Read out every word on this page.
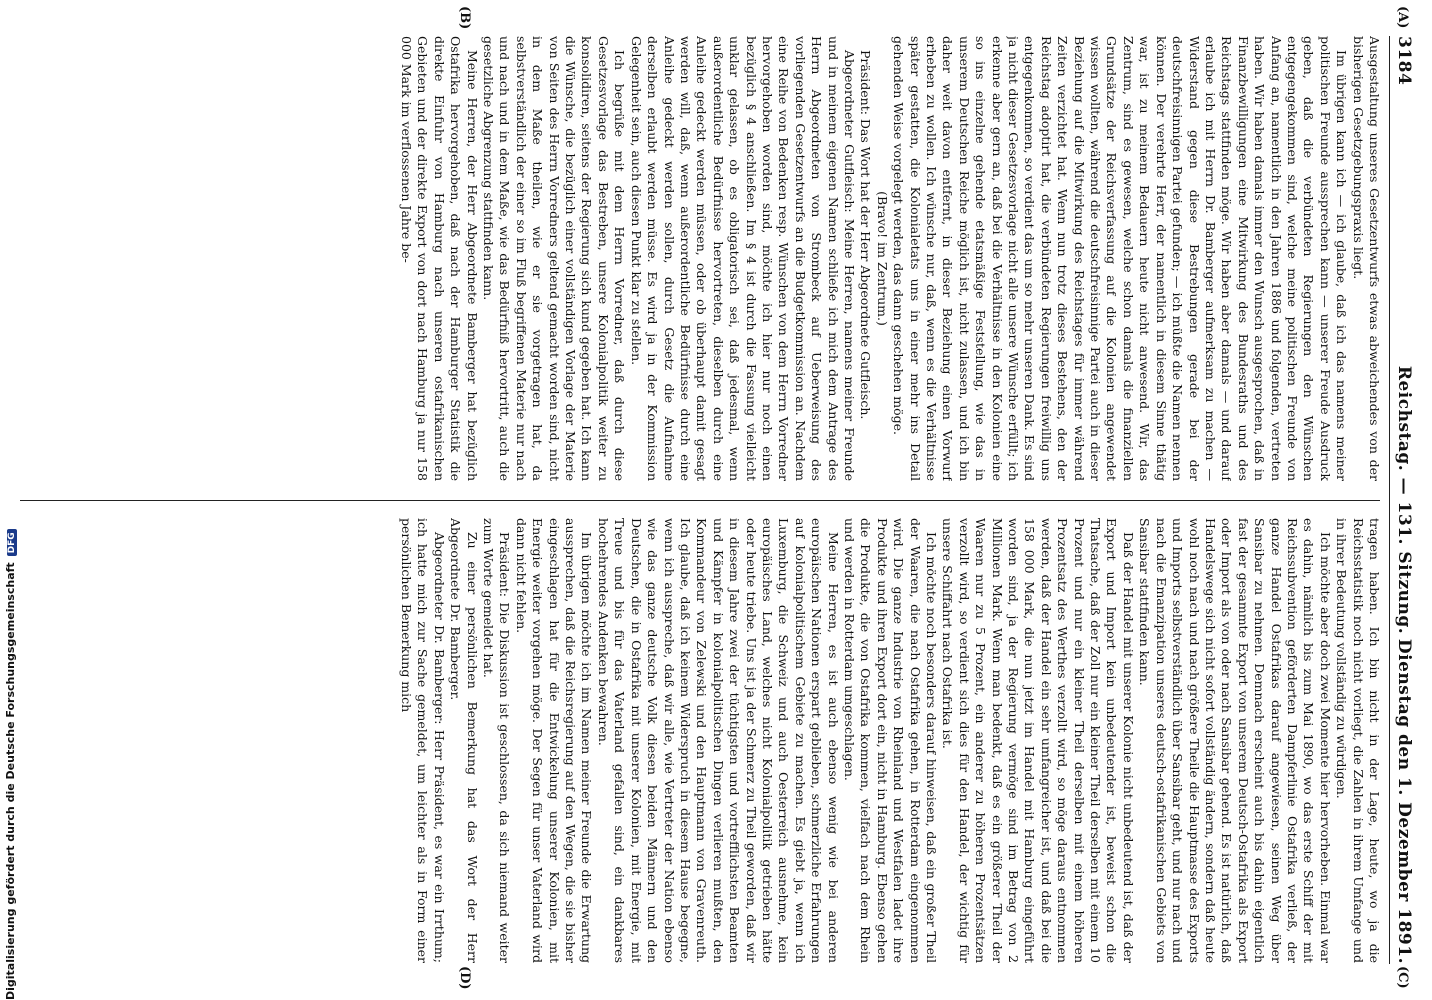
3184
Reichstag. — 131. Sitzung.
Dienstag den 1. Dezember 1891.
(A)
(B)
(C)
(D)

Ausgestaltung unseres Gesetzentwurfs etwas abweichendes von der bisherigen Gesetzgebungspraxis liegt.

Im übrigen kann ich — ich glaube, daß ich das namens meiner politischen Freunde aussprechen kann — unserer Freude Ausdruck geben, daß die verbündeten Regierungen den Wünschen entgegengekommen sind, welche meine politischen Freunde von Anfang an, namentlich in den Jahren 1886 und folgenden, vertreten haben. Wir haben damals immer den Wunsch ausgesprochen, daß in Finanzbewilligungen eine Mitwirkung des Bundesraths und des Reichstags stattfinden möge. Wir haben aber damals — und darauf erlaube ich mit Herrn Dr. Bamberger aufmerksam zu machen — Widerstand gegen diese Bestrebungen gerade bei der deutschfreisinnigen Partei gefunden; — ich müßte die Namen nennen können. Der verehrte Herr, der namentlich in diesem Sinne thätig war, ist zu meinem Bedauern heute nicht anwesend. Wir, das Zentrum, sind es gewesen, welche schon damals die finanziellen Grundsätze der Reichsverfassung auf die Kolonien angewendet wissen wollten, während die deutschfreisinnige Partei auch in dieser Beziehung auf die Mitwirkung des Reichstages für immer während Zeiten verzichtet hat. Wenn nun trotz dieses Bestehens, den der Reichstag adoptirt hat, die verbündeten Regierungen freiwillig uns entgegenkommen, so verdient das um so mehr unseren Dank. Es sind ja nicht dieser Gesetzesvorlage nicht alle unsere Wünsche erfüllt; ich erkenne aber gern an, daß bei die Verhältnisse in den Kolonien eine so ins einzelne gehende etatsmäßige Feststellung, wie das in unserem Deutschen Reiche möglich ist, nicht zulassen, und ich bin daher weit davon entfernt, in dieser Beziehung einen Vorwurf erheben zu wollen. Ich wünsche nur, daß, wenn es die Verhältnisse später gestatten, die Kolonialetats uns in einer mehr ins Detail gehenden Weise vorgelegt werden, das dann geschehen möge.

(Bravo! im Zentrum.)

Präsident: Das Wort hat der Herr Abgeordnete Gutfleisch.

Abgeordneter Gutfleisch: Meine Herren, namens meiner Freunde und in meinem eigenen Namen schließe ich mich dem Antrage des Herrn Abgeordneten von Strombeck auf Ueberweisung des vorliegenden Gesetzentwurfs an die Budgetkommission an. Nachdem eine Reihe von Bedenken resp. Wünschen von dem Herrn Vorredner hervorgehoben worden sind, möchte ich hier nur noch einen bezüglich § 4 anschließen. Im § 4 ist durch die Fassung vielleicht unklar gelassen, ob es obligatorisch sei, daß jedesmal, wenn außerordentliche Bedürfnisse hervortreten, dieselben durch eine Anleihe gedeckt werden müssen, oder ob überhaupt damit gesagt werden will, daß, wenn außerordentliche Bedürfnisse durch eine Anleihe gedeckt werden sollen, durch Gesetz die Aufnahme derselben erlaubt werden müsse. Es wird ja in der Kommission Gelegenheit sein, auch diesen Punkt klar zu stellen.

Ich begrüße mit dem Herrn Vorredner, daß durch diese Gesetzesvorlage das Bestreben, unsere Kolonialpolitik weiter zu konsolidiren, seitens der Regierung sich kund gegeben hat. Ich kann die Wünsche, die bezüglich einer vollständigen Vorlage der Materie von Seiten des Herrn Vorredners geltend gemacht worden sind, nicht in dem Maße theilen, wie er sie vorgetragen hat, da selbstverständlich der einer so im Fluß begriffenen Materie nur nach und nach und in dem Maße, wie das Bedürfniß hervortritt, auch die gesetzliche Abgrenzung stattfinden kann.

Meine Herren, der Herr Abgeordnete Bamberger hat bezüglich Ostafrika hervorgehoben, daß nach der Hamburger Statistik die direkte Einfuhr von Hamburg nach unseren ostafrikanischen Gebieten und der direkte Export von dort nach Hamburg ja nur 158 000 Mark im verflossenen Jahre be-

tragen haben. Ich bin nicht in der Lage, heute, wo ja die Reichsstatistik noch nicht vorliegt, die Zahlen in ihrem Umfange und in ihrer Bedeutung vollständig zu würdigen.

Ich möchte aber doch zwei Momente hier hervorheben. Einmal war es dahin, nämlich bis zum Mai 1890, wo das erste Schiff der mit Reichssubvention geförderten Dampferlinie Ostafrika verließ, der ganze Handel Ostafrikas darauf angewiesen, seinen Weg über Sansibar zu nehmen. Demnach erscheint auch bis dahin eigentlich fast der gesammte Export von unserem Deutsch-Ostafrika als Export oder Import als von oder nach Sansibar gehend. Es ist natürlich, daß Handelswege sich nicht sofort vollständig ändern, sondern daß heute wohl noch nach und nach größere Theile die Hauptmasse des Exports und Imports selbstverständlich über Sansibar geht, und nur nach und nach die Emanzipation unseres deutsch-ostafrikanischen Gebiets von Sansibar stattfinden kann.

Daß der Handel mit unserer Kolonie nicht unbedeutend ist, daß der Export und Import kein unbedeutender ist, beweist schon die Thatsache, daß der Zoll nur ein kleiner Theil derselben mit einem 10 Prozent und nur ein kleiner Theil derselben mit einem höheren Prozentsatz des Werthes verzollt wird, so möge daraus entnommen werden, daß der Handel ein sehr umfangreicher ist, und daß bei die 158 000 Mark, die nun jetzt im Handel mit Hamburg eingeführt worden sind, ja der Regierung vermöge sind im Betrag von 2 Millionen Mark. Wenn man bedenkt, daß es ein größerer Theil der Waaren nur zu 5 Prozent, ein anderer zu höheren Prozentsätzen verzollt wird, so verdient sich dies für den Handel, der wichtig für unsere Schiffahrt nach Ostafrika ist.

Ich möchte noch besonders darauf hinweisen, daß ein großer Theil der Waaren, die nach Ostafrika gehen, in Rotterdam eingenommen wird. Die ganze Industrie von Rheinland und Westfalen ladet ihre Produkte und ihren Export dort ein, nicht in Hamburg. Ebenso gehen die Produkte, die von Ostafrika kommen, vielfach nach dem Rhein und werden in Rotterdam umgeschlagen.

Meine Herren, es ist auch ebenso wenig wie bei anderen europäischen Nationen erspart geblieben, schmerzliche Erfahrungen auf kolonialpolitischem Gebiete zu machen. Es giebt ja, wenn ich Luxemburg, die Schweiz und auch Oesterreich ausnehme, kein europäisches Land, welches nicht Kolonialpolitik getrieben hätte oder heute triebe. Uns ist ja der Schmerz zu Theil geworden, daß wir in diesem Jahre zwei der tüchtigsten und vortrefflichsten Beamten und Kämpfer in kolonialpolitischen Dingen verlieren mußten, den Kommandeur von Zelewski und den Hauptmann von Gravenreuth. Ich glaube, daß ich keinem Widerspruch in diesem Hause begegne, wenn ich ausspreche, daß wir alle, wie Vertreter der Nation ebenso wie das ganze deutsche Volk diesen beiden Männern und den Deutschen, die in Ostafrika mit unserer Kolonien, mit Energie, mit Treue und bis für das Vaterland gefallen sind, ein dankbares hochehrendes Andenken bewahren.

Im übrigen möchte ich im Namen meiner Freunde die Erwartung aussprechen, daß die Reichsregierung auf den Wegen, die sie bisher eingeschlagen hat für die Entwickelung unserer Kolonien, mit Energie weiter vorgehen möge. Der Segen für unser Vaterland wird dann nicht fehlen.

Präsident: Die Diskussion ist geschlossen, da sich niemand weiter zum Worte gemeldet hat.

Zu einer persönlichen Bemerkung hat das Wort der Herr Abgeordnete Dr. Bamberger.

Abgeordneter Dr. Bamberger: Herr Präsident, es war ein Irrthum; ich hatte mich zur Sache gemeldet, um leichter als in Form einer persönlichen Bemerkung mich

Digitalisierung gefördert durch die Deutsche ForschungsgemeinschaftDFG
